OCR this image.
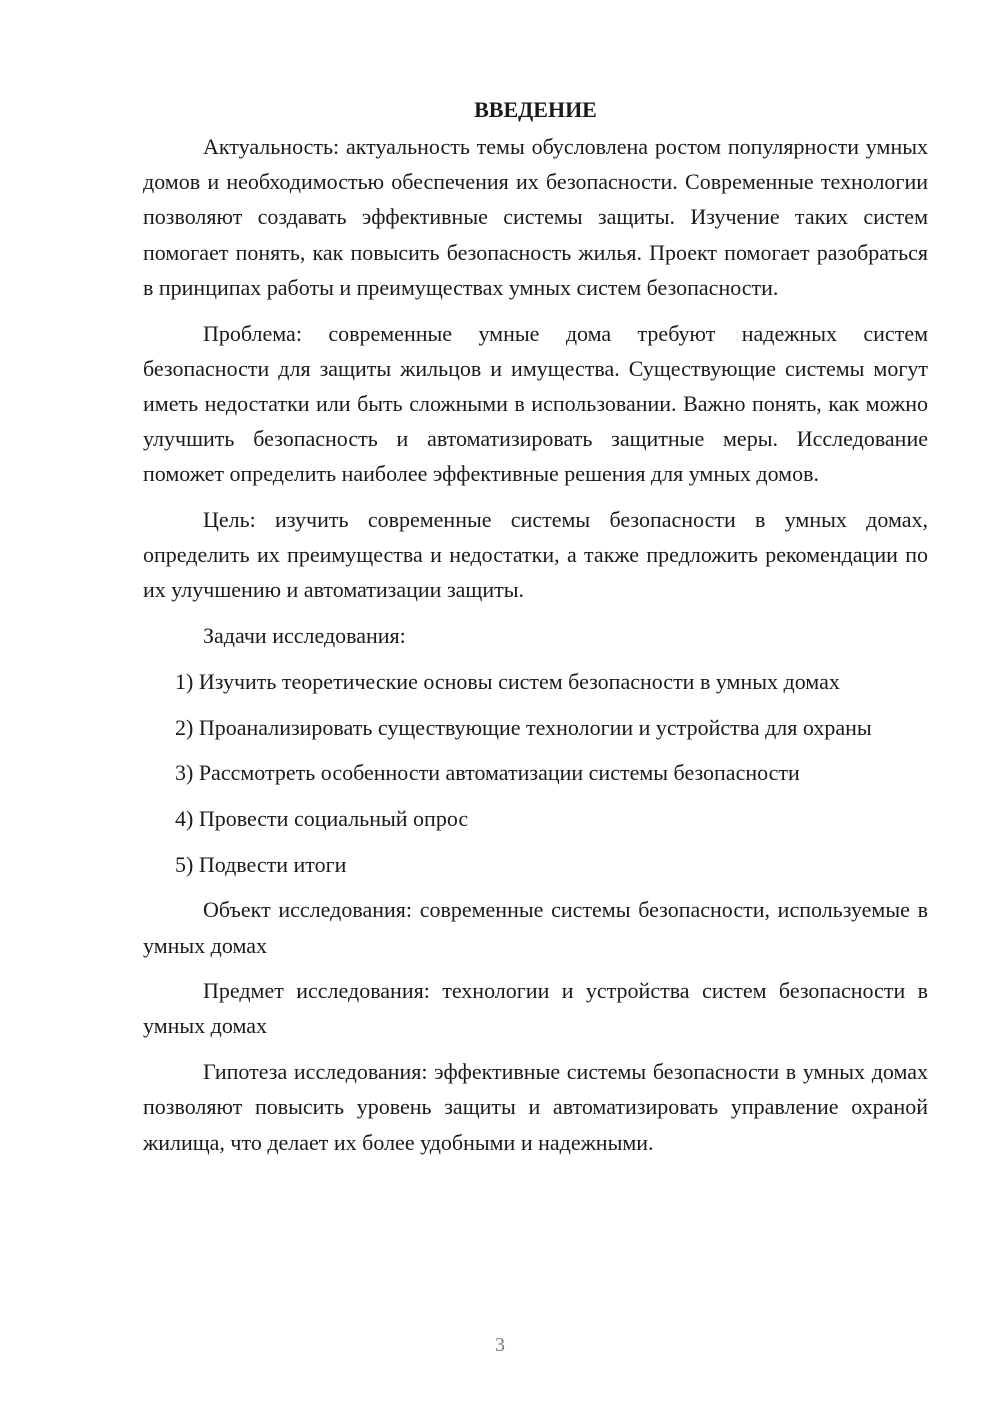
ВВЕДЕНИЕ

Актуальность: актуальность темы обусловлена ростом популярности умных домов и необходимостью обеспечения их безопасности. Современные технологии позволяют создавать эффективные системы защиты. Изучение таких систем помогает понять, как повысить безопасность жилья. Проект помогает разобраться в принципах работы и преимуществах умных систем безопасности.

Проблема: современные умные дома требуют надежных систем безопасности для защиты жильцов и имущества. Существующие системы могут иметь недостатки или быть сложными в использовании. Важно понять, как можно улучшить безопасность и автоматизировать защитные меры. Исследование поможет определить наиболее эффективные решения для умных домов.

Цель: изучить современные системы безопасности в умных домах, определить их преимущества и недостатки, а также предложить рекомендации по их улучшению и автоматизации защиты.

Задачи исследования:

1) Изучить теоретические основы систем безопасности в умных домах
2) Проанализировать существующие технологии и устройства для охраны
3) Рассмотреть особенности автоматизации системы безопасности
4) Провести социальный опрос
5) Подвести итоги

Объект исследования: современные системы безопасности, используемые в умных домах

Предмет исследования: технологии и устройства систем безопасности в умных домах

Гипотеза исследования: эффективные системы безопасности в умных домах позволяют повысить уровень защиты и автоматизировать управление охраной жилища, что делает их более удобными и надежными.

3
